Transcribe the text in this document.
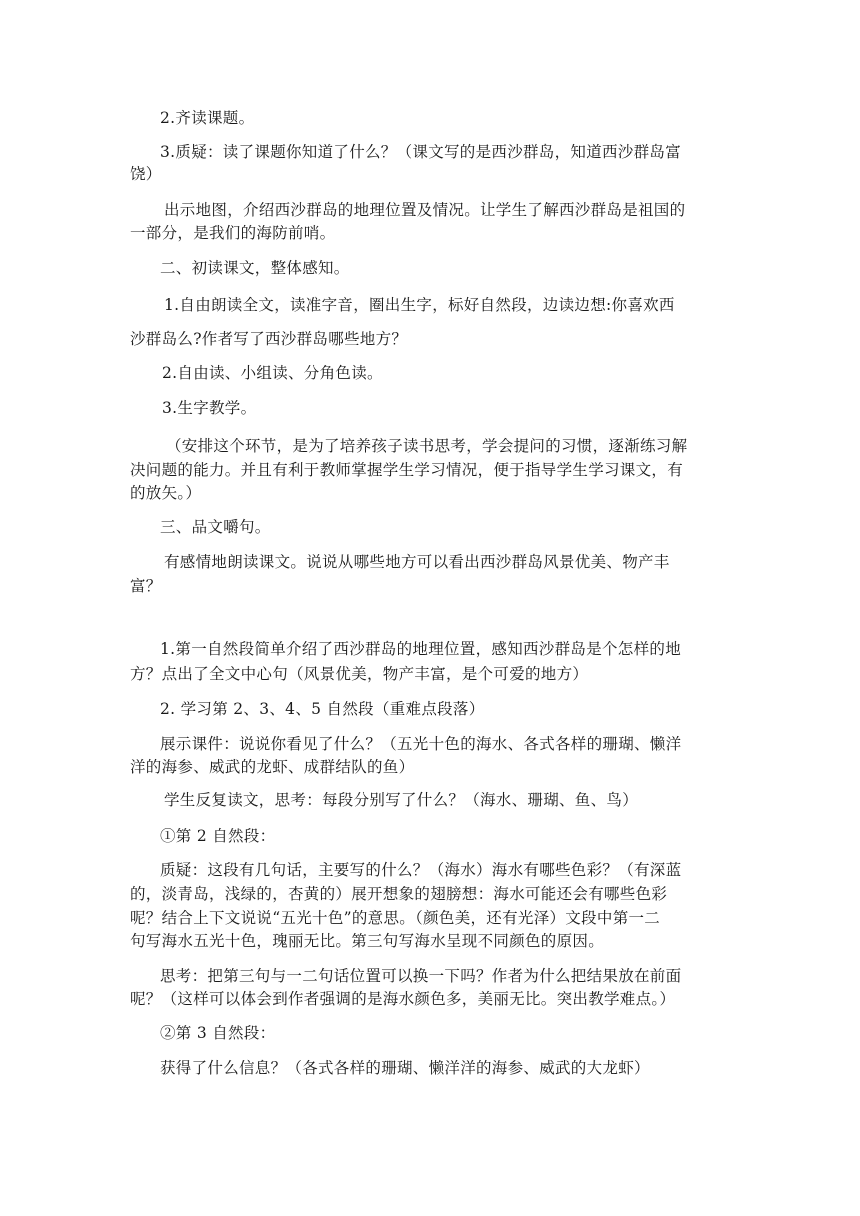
2.齐读课题。
3.质疑：读了课题你知道了什么？（课文写的是西沙群岛，知道西沙群岛富
饶）
出示地图，介绍西沙群岛的地理位置及情况。让学生了解西沙群岛是祖国的
一部分，是我们的海防前哨。
二、初读课文，整体感知。
1.自由朗读全文，读准字音，圈出生字，标好自然段，边读边想:你喜欢西
沙群岛么?作者写了西沙群岛哪些地方？
2.自由读、小组读、分角色读。
3.生字教学。
（安排这个环节，是为了培养孩子读书思考，学会提问的习惯，逐渐练习解
决问题的能力。并且有利于教师掌握学生学习情况，便于指导学生学习课文，有
的放矢。）
三、品文嚼句。
有感情地朗读课文。说说从哪些地方可以看出西沙群岛风景优美、物产丰
富？
1.第一自然段简单介绍了西沙群岛的地理位置，感知西沙群岛是个怎样的地
方？点出了全文中心句（风景优美，物产丰富，是个可爱的地方）
2. 学习第 2、3、4、5 自然段（重难点段落）
展示课件：说说你看见了什么？（五光十色的海水、各式各样的珊瑚、懒洋
洋的海参、威武的龙虾、成群结队的鱼）
学生反复读文，思考：每段分别写了什么？（海水、珊瑚、鱼、鸟）
①第 2 自然段：
质疑：这段有几句话，主要写的什么？（海水）海水有哪些色彩？（有深蓝
的，淡青岛，浅绿的，杏黄的）展开想象的翅膀想：海水可能还会有哪些色彩
呢？结合上下文说说“五光十色”的意思。（颜色美，还有光泽）文段中第一二
句写海水五光十色，瑰丽无比。第三句写海水呈现不同颜色的原因。
思考：把第三句与一二句话位置可以换一下吗？作者为什么把结果放在前面
呢？（这样可以体会到作者强调的是海水颜色多，美丽无比。突出教学难点。）
②第 3 自然段：
获得了什么信息？（各式各样的珊瑚、懒洋洋的海参、威武的大龙虾）
